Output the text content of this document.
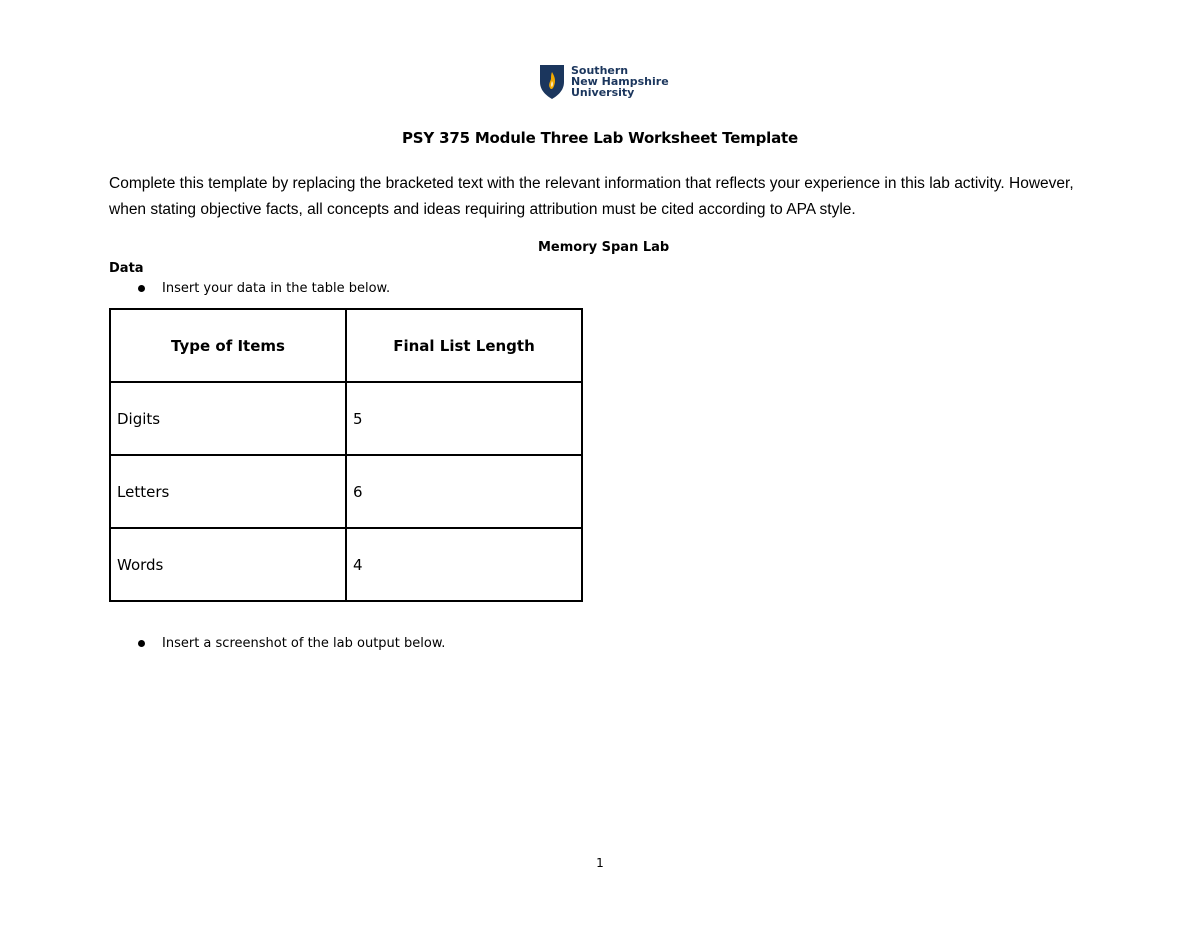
Southern
New Hampshire
University
PSY 375 Module Three Lab Worksheet Template
Complete this template by replacing the bracketed text with the relevant information that reflects your experience in this lab activity. However, when stating objective facts, all concepts and ideas requiring attribution must be cited according to APA style.
Memory Span Lab
Data
Insert your data in the table below.
Type of Items	Final List Length
Digits	5
Letters	6
Words	4
Insert a screenshot of the lab output below.
1
